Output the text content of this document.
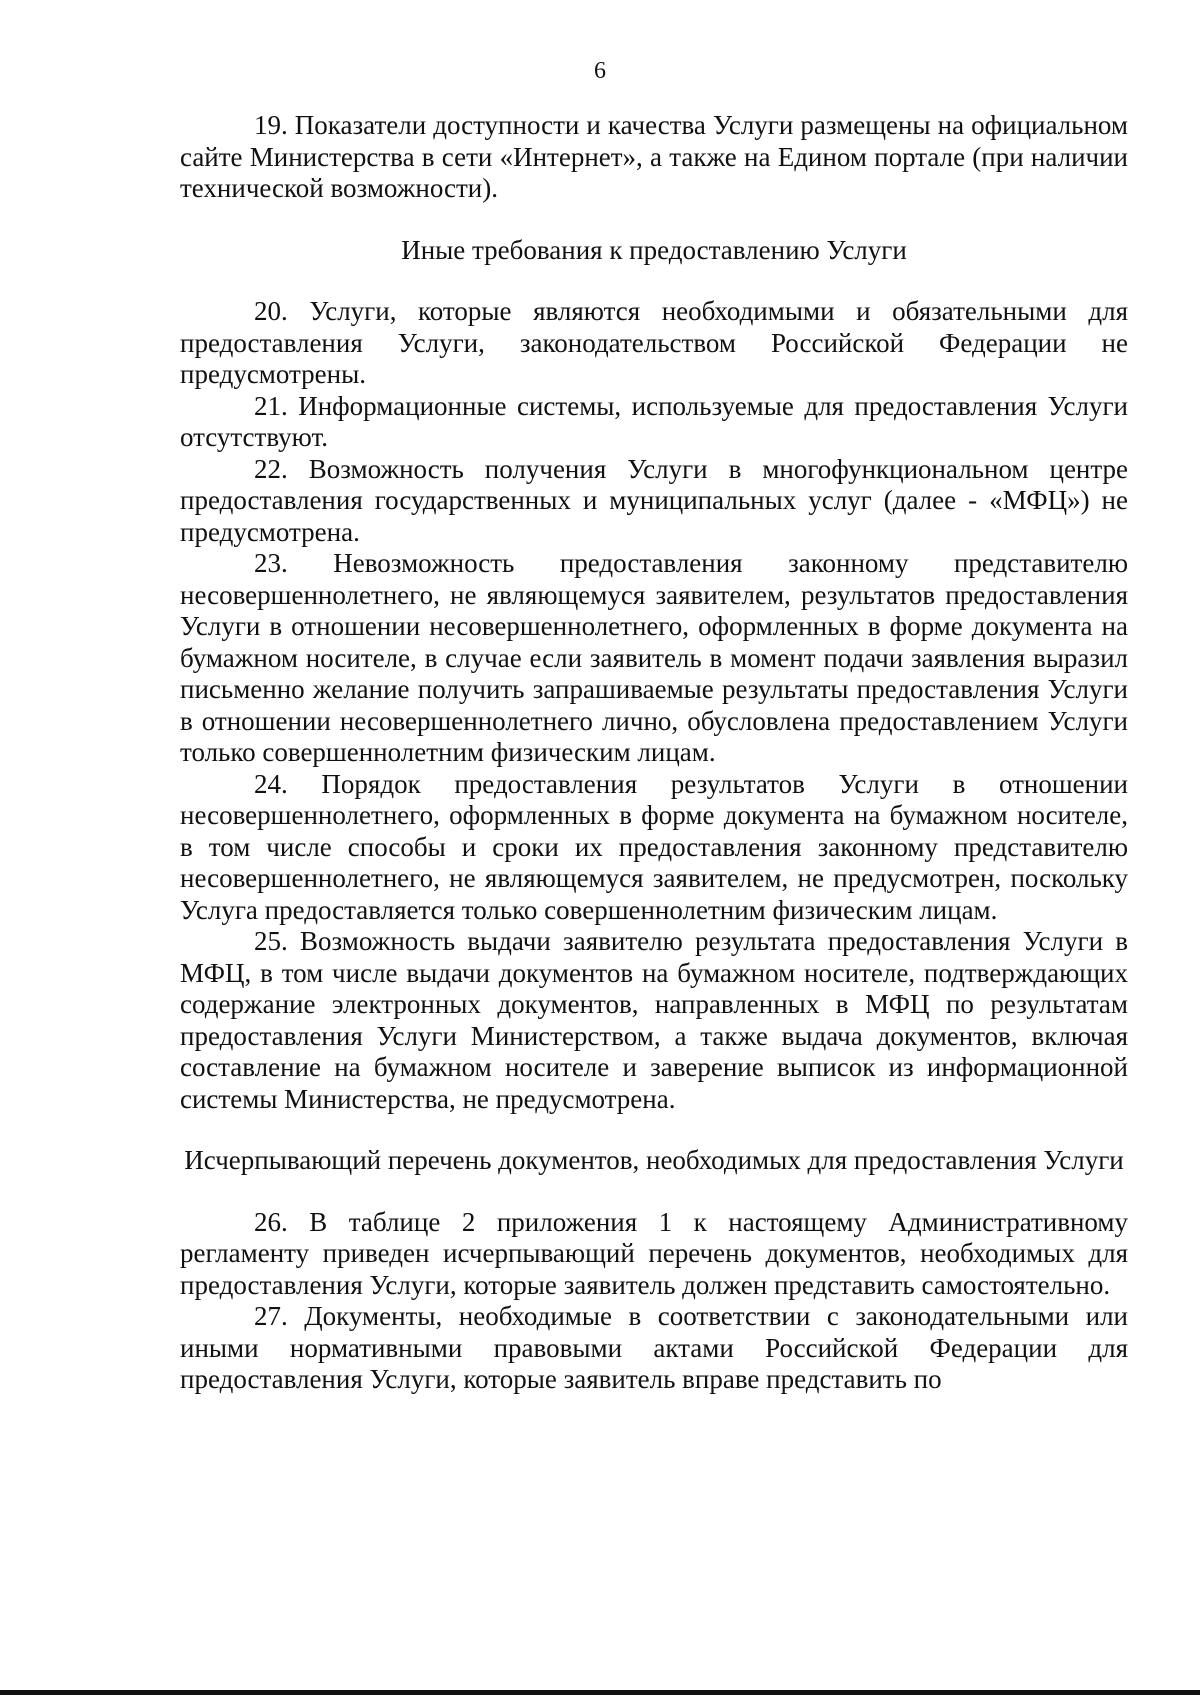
6

19. Показатели доступности и качества Услуги размещены на официальном сайте Министерства в сети «Интернет», а также на Едином портале (при наличии технической возможности).

Иные требования к предоставлению Услуги

20. Услуги, которые являются необходимыми и обязательными для предоставления Услуги, законодательством Российской Федерации не предусмотрены.

21. Информационные системы, используемые для предоставления Услуги отсутствуют.

22. Возможность получения Услуги в многофункциональном центре предоставления государственных и муниципальных услуг (далее - «МФЦ») не предусмотрена.

23. Невозможность предоставления законному представителю несовершеннолетнего, не являющемуся заявителем, результатов предоставления Услуги в отношении несовершеннолетнего, оформленных в форме документа на бумажном носителе, в случае если заявитель в момент подачи заявления выразил письменно желание получить запрашиваемые результаты предоставления Услуги в отношении несовершеннолетнего лично, обусловлена предоставлением Услуги только совершеннолетним физическим лицам.

24. Порядок предоставления результатов Услуги в отношении несовершеннолетнего, оформленных в форме документа на бумажном носителе, в том числе способы и сроки их предоставления законному представителю несовершеннолетнего, не являющемуся заявителем, не предусмотрен, поскольку Услуга предоставляется только совершеннолетним физическим лицам.

25. Возможность выдачи заявителю результата предоставления Услуги в МФЦ, в том числе выдачи документов на бумажном носителе, подтверждающих содержание электронных документов, направленных в МФЦ по результатам предоставления Услуги Министерством, а также выдача документов, включая составление на бумажном носителе и заверение выписок из информационной системы Министерства, не предусмотрена.

Исчерпывающий перечень документов, необходимых для предоставления Услуги

26. В таблице 2 приложения 1 к настоящему Административному регламенту приведен исчерпывающий перечень документов, необходимых для предоставления Услуги, которые заявитель должен представить самостоятельно.

27. Документы, необходимые в соответствии с законодательными или иными нормативными правовыми актами Российской Федерации для предоставления Услуги, которые заявитель вправе представить по
